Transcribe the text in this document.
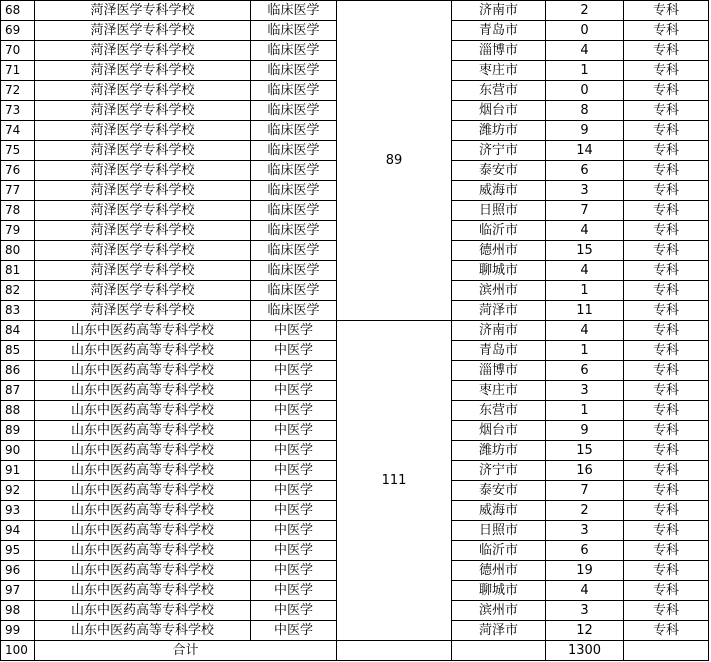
68	菏泽医学专科学校	临床医学	89	济南市	2	专科
69	菏泽医学专科学校	临床医学		青岛市	0	专科
70	菏泽医学专科学校	临床医学		淄博市	4	专科
71	菏泽医学专科学校	临床医学		枣庄市	1	专科
72	菏泽医学专科学校	临床医学		东营市	0	专科
73	菏泽医学专科学校	临床医学		烟台市	8	专科
74	菏泽医学专科学校	临床医学		潍坊市	9	专科
75	菏泽医学专科学校	临床医学		济宁市	14	专科
76	菏泽医学专科学校	临床医学		泰安市	6	专科
77	菏泽医学专科学校	临床医学		威海市	3	专科
78	菏泽医学专科学校	临床医学		日照市	7	专科
79	菏泽医学专科学校	临床医学		临沂市	4	专科
80	菏泽医学专科学校	临床医学		德州市	15	专科
81	菏泽医学专科学校	临床医学		聊城市	4	专科
82	菏泽医学专科学校	临床医学		滨州市	1	专科
83	菏泽医学专科学校	临床医学		菏泽市	11	专科
84	山东中医药高等专科学校	中医学	111	济南市	4	专科
85	山东中医药高等专科学校	中医学		青岛市	1	专科
86	山东中医药高等专科学校	中医学		淄博市	6	专科
87	山东中医药高等专科学校	中医学		枣庄市	3	专科
88	山东中医药高等专科学校	中医学		东营市	1	专科
89	山东中医药高等专科学校	中医学		烟台市	9	专科
90	山东中医药高等专科学校	中医学		潍坊市	15	专科
91	山东中医药高等专科学校	中医学		济宁市	16	专科
92	山东中医药高等专科学校	中医学		泰安市	7	专科
93	山东中医药高等专科学校	中医学		威海市	2	专科
94	山东中医药高等专科学校	中医学		日照市	3	专科
95	山东中医药高等专科学校	中医学		临沂市	6	专科
96	山东中医药高等专科学校	中医学		德州市	19	专科
97	山东中医药高等专科学校	中医学		聊城市	4	专科
98	山东中医药高等专科学校	中医学		滨州市	3	专科
99	山东中医药高等专科学校	中医学		菏泽市	12	专科
100	合计				1300	
